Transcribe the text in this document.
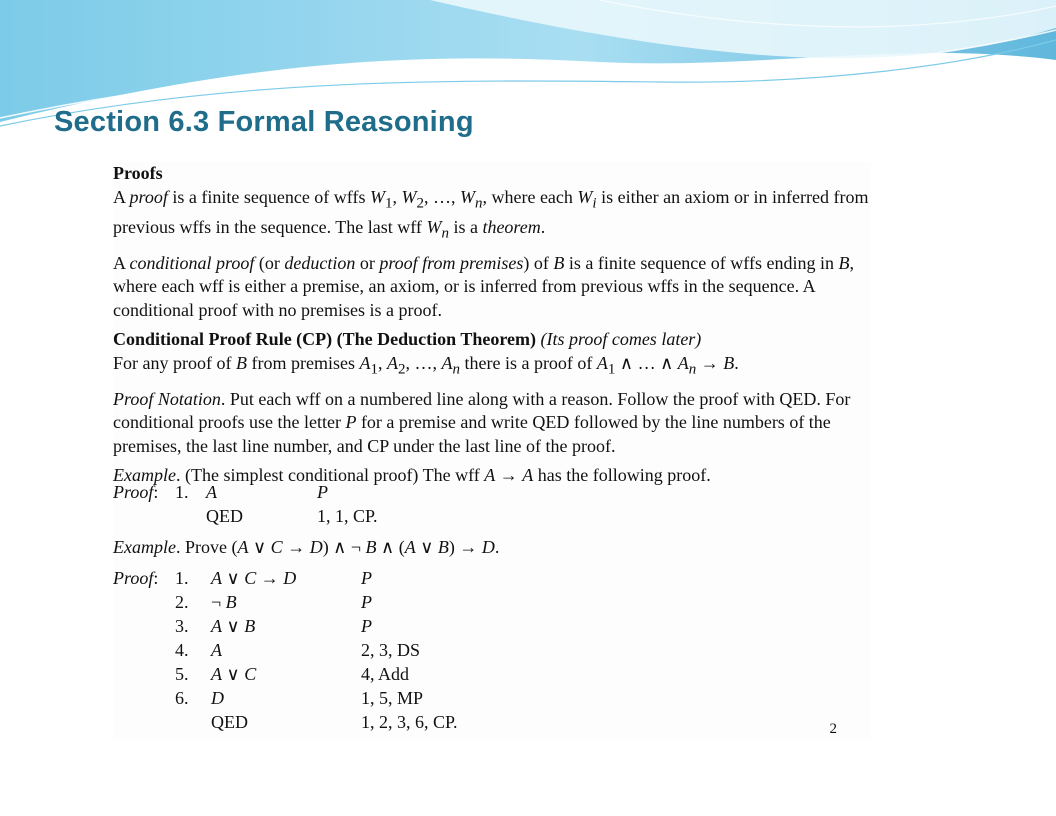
Section 6.3 Formal Reasoning

Proofs

A proof is a finite sequence of wffs $W_1$, $W_2$, …, $W_n$, where each $W_i$ is either an axiom or in inferred from previous wffs in the sequence. The last wff $W_n$ is a theorem.

A conditional proof (or deduction or proof from premises) of B is a finite sequence of wffs ending in B, where each wff is either a premise, an axiom, or is inferred from previous wffs in the sequence. A conditional proof with no premises is a proof.

Conditional Proof Rule (CP) (The Deduction Theorem) (Its proof comes later)

For any proof of B from premises $A_1$, $A_2$, …, $A_n$ there is a proof of $A_1$ ∧ … ∧ $A_n \to B$.

Proof Notation. Put each wff on a numbered line along with a reason. Follow the proof with QED. For conditional proofs use the letter P for a premise and write QED followed by the line numbers of the premises, the last line number, and CP under the last line of the proof.

Example. (The simplest conditional proof) The wff A → A has the following proof.

Proof: 1. A	P
QED	1, 1, CP.

Example. Prove (A ∨ C → D) ∧ ¬ B ∧ (A ∨ B) → D.

Proof: 1. A ∨ C → D	P
2. ¬ B	P
3. A ∨ B	P
4. A	2, 3, DS
5. A ∨ C	4, Add
6. D	1, 5, MP
QED	1, 2, 3, 6, CP.	2
